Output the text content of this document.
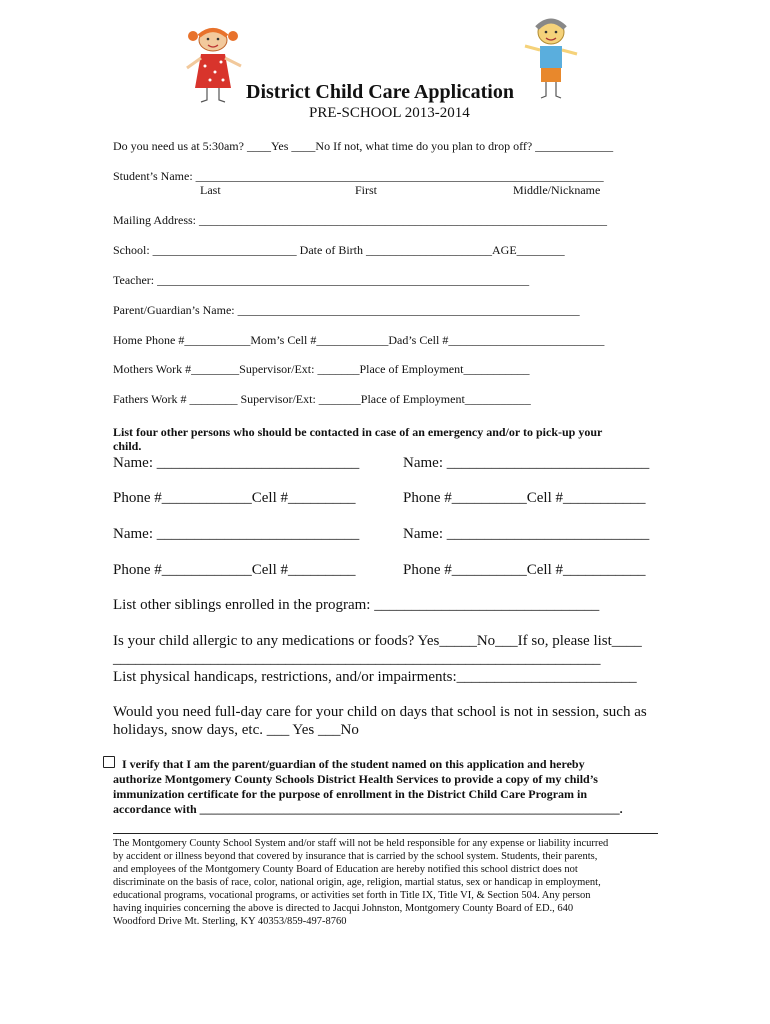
District Child Care Application
PRE-SCHOOL 2013-2014
Do you need us at 5:30am? ____Yes ____No If not, what time do you plan to drop off? _____________
Student’s Name: ____________________________________________________________________
Last	First	Middle/Nickname
Mailing Address: ____________________________________________________________________
School: ________________________ Date of Birth _____________________AGE________
Teacher: ______________________________________________________________
Parent/Guardian’s Name: _________________________________________________________
Home Phone #___________Mom’s Cell #____________Dad’s Cell #__________________________
Mothers Work #________Supervisor/Ext: _______Place of Employment___________
Fathers Work # ________ Supervisor/Ext: _______Place of Employment___________
List four other persons who should be contacted in case of an emergency and/or to pick-up your
child.
Name: ___________________________	Name: ___________________________
Phone #____________Cell #_________	Phone #__________Cell #___________
Name: ___________________________	Name: ___________________________
Phone #____________Cell #_________	Phone #__________Cell #___________
List other siblings enrolled in the program: ______________________________
Is your child allergic to any medications or foods? Yes_____No___If so, please list____
_________________________________________________________________
List physical handicaps, restrictions, and/or impairments:________________________
Would you need full-day care for your child on days that school is not in session, such as
holidays, snow days, etc. ___ Yes ___No
I verify that I am the parent/guardian of the student named on this application and hereby
authorize Montgomery County Schools District Health Services to provide a copy of my child’s
immunization certificate for the purpose of enrollment in the District Child Care Program in
accordance with ______________________________________________________________________.
The Montgomery County School System and/or staff will not be held responsible for any expense or liability incurred
by accident or illness beyond that covered by insurance that is carried by the school system. Students, their parents,
and employees of the Montgomery County Board of Education are hereby notified this school district does not
discriminate on the basis of race, color, national origin, age, religion, martial status, sex or handicap in employment,
educational programs, vocational programs, or activities set forth in Title IX, Title VI, & Section 504. Any person
having inquiries concerning the above is directed to Jacqui Johnston, Montgomery County Board of ED., 640
Woodford Drive Mt. Sterling, KY 40353/859-497-8760
